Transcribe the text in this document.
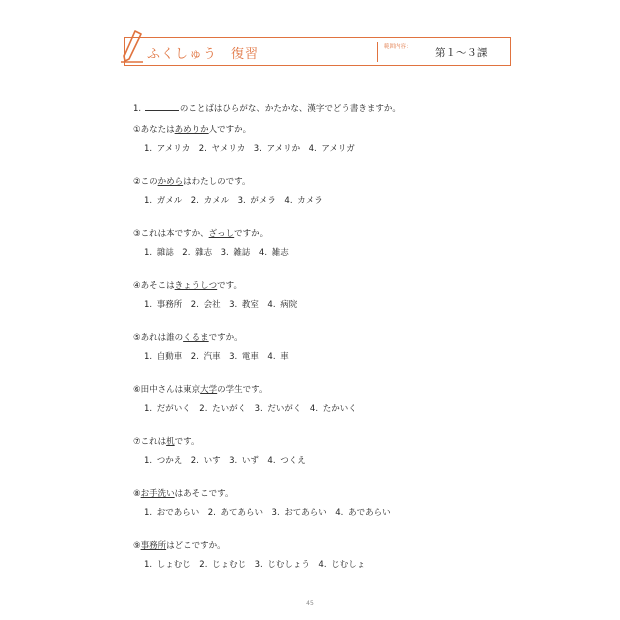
ふくしゅう　復習	範囲内容： 第１～３課
1.	のことばはひらがな、かたかな、漢字でどう書きますか。
①あなたはあめりか人ですか。
1. アメリカ　2. ヤメリカ　3. アメリか　4. アメリガ
②このかめらはわたしのです。
1. ガメル　2. カメル　3. がメラ　4. カメラ
③これは本ですか、ざっしですか。
1. 雜誌　2. 雜志　3. 雑誌　4. 雑志
④あそこはきょうしつです。
1. 事務所　2. 会社　3. 教室　4. 病院
⑤あれは誰のくるまですか。
1. 自動車　2. 汽車　3. 電車　4. 車
⑥田中さんは東京大学の学生です。
1. だがいく　2. たいがく　3. だいがく　4. たかいく
⑦これは机です。
1. つかえ　2. いす　3. いず　4. つくえ
⑧お手洗いはあそこです。
1. おであらい　2. あてあらい　3. おてあらい　4. あであらい
⑨事務所はどこですか。
1. しょむじ　2. じょむじ　3. じむしょう　4. じむしょ
45
